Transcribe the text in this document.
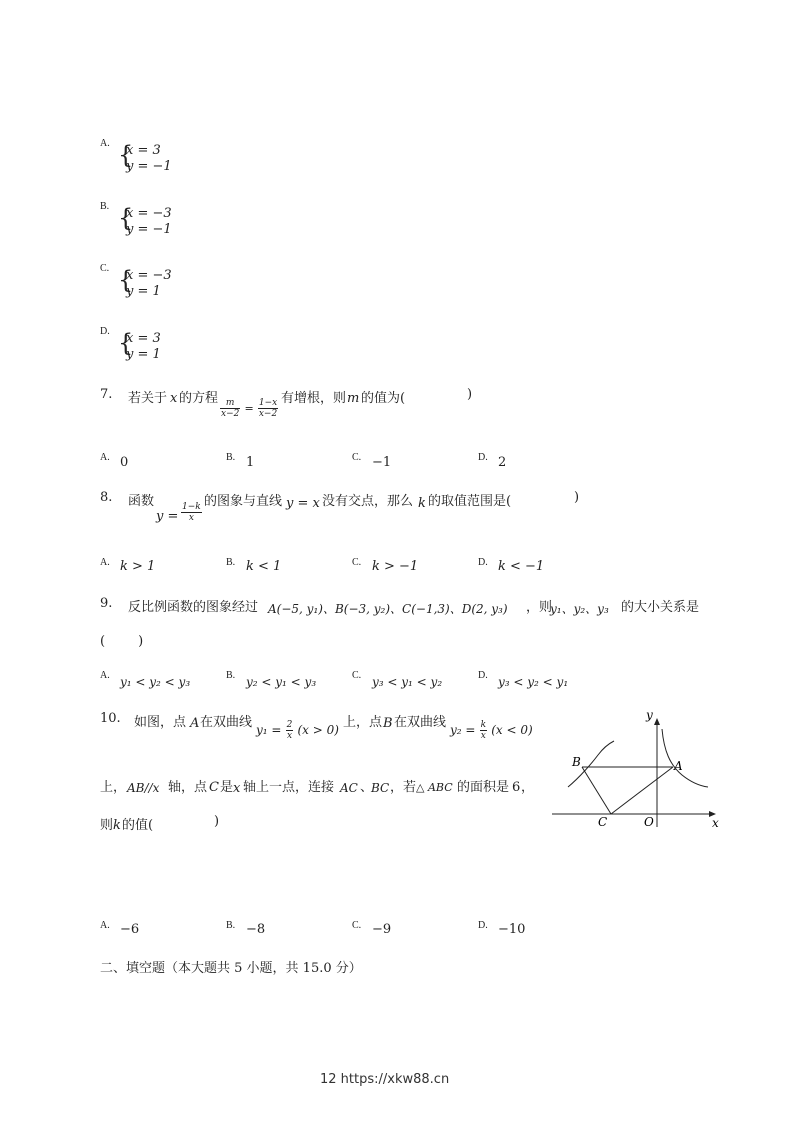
A. {
x = 3
y = −1
B. {
x = −3
y = −1
C. {
x = −3
y = 1
D. {
x = 3
y = 1
7. 若关于 x 的方程 $\frac{m}{x-2} = \frac{1-x}{x-2}$ 有增根，则 m 的值为(	)
A. 0	B. 1	C. −1	D. 2
8. 函数
$y = \frac{1-k}{x}$
的图象与直线 y = x 没有交点，那么 k 的取值范围是(	)
A. k > 1	B. k < 1	C. k > −1	D. k < −1
9. 反比例函数的图象经过 A(−5, y₁)、B(−3, y₂)、C(−1,3)、D(2, y₃) ，则
y₁、y₂、y₃ 的大小关系是
(        )
A. y₁ < y₂ < y₃	B. y₂ < y₁ < y₃	C. y₃ < y₁ < y₂	D. y₃ < y₂ < y₁
10. 如图，点 A 在双曲线 $y_1 = \frac{2}{x} (x > 0)$ 上，点 B 在双曲线 $y_2 = \frac{k}{x} (x < 0)$
上， AB//x 轴，点 C 是 x 轴上一点，连接 AC 、
BC ，若 △ ABC 的面积是 6 ，
则 k 的值(	)
y
x
A
B
C	O
A. −6	B. −8	C. −9	D. −10
二、填空题（本大题共 5 小题，共 15.0 分）
12 https://xkw88.cn
